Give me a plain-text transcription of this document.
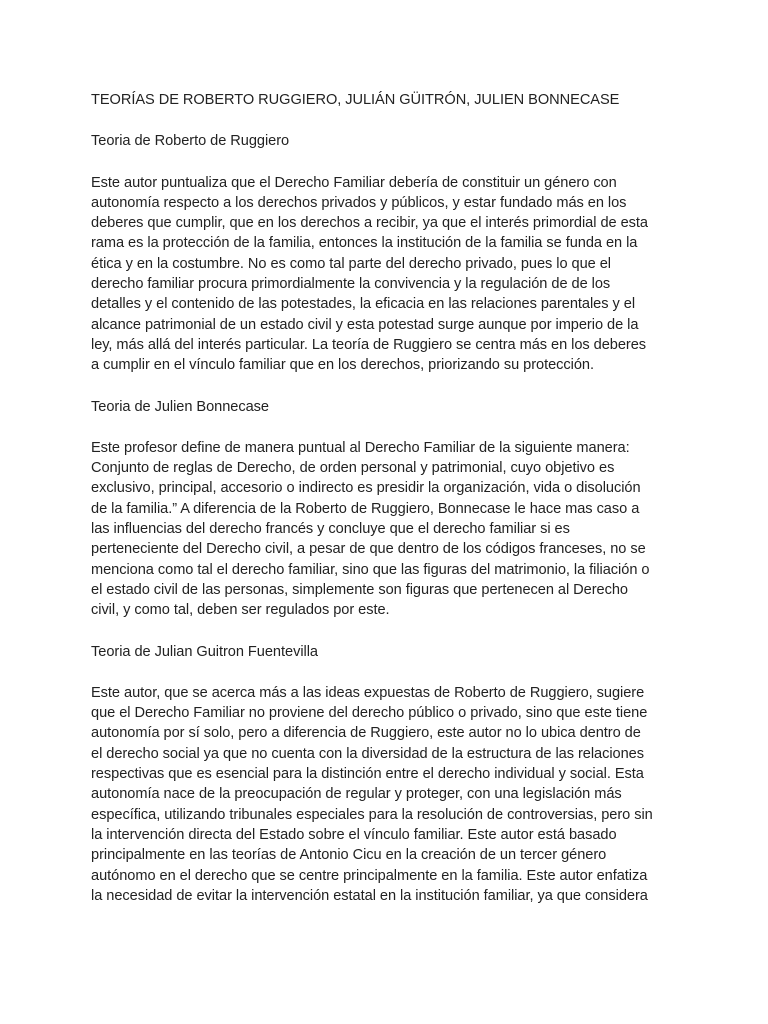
TEORÍAS DE ROBERTO RUGGIERO, JULIÁN GÜITRÓN, JULIEN BONNECASE
Teoria de Roberto de Ruggiero

Este autor puntualiza que el Derecho Familiar debería de constituir un género con
autonomía respecto a los derechos privados y públicos, y estar fundado más en los
deberes que cumplir, que en los derechos a recibir, ya que el interés primordial de esta
rama es la protección de la familia, entonces la institución de la familia se funda en la
ética y en la costumbre. No es como tal parte del derecho privado, pues lo que el
derecho familiar procura primordialmente la convivencia y la regulación de de los
detalles y el contenido de las potestades, la eficacia en las relaciones parentales y el
alcance patrimonial de un estado civil y esta potestad surge aunque por imperio de la
ley, más allá del interés particular. La teoría de Ruggiero se centra más en los deberes
a cumplir en el vínculo familiar que en los derechos, priorizando su protección.

Teoria de Julien Bonnecase

Este profesor define de manera puntual al Derecho Familiar de la siguiente manera:
Conjunto de reglas de Derecho, de orden personal y patrimonial, cuyo objetivo es
exclusivo, principal, accesorio o indirecto es presidir la organización, vida o disolución
de la familia.” A diferencia de la Roberto de Ruggiero, Bonnecase le hace mas caso a
las influencias del derecho francés y concluye que el derecho familiar si es
perteneciente del Derecho civil, a pesar de que dentro de los códigos franceses, no se
menciona como tal el derecho familiar, sino que las figuras del matrimonio, la filiación o
el estado civil de las personas, simplemente son figuras que pertenecen al Derecho
civil, y como tal, deben ser regulados por este.

Teoria de Julian Guitron Fuentevilla

Este autor, que se acerca más a las ideas expuestas de Roberto de Ruggiero, sugiere
que el Derecho Familiar no proviene del derecho público o privado, sino que este tiene
autonomía por sí solo, pero a diferencia de Ruggiero, este autor no lo ubica dentro de
el derecho social ya que no cuenta con la diversidad de la estructura de las relaciones
respectivas que es esencial para la distinción entre el derecho individual y social. Esta
autonomía nace de la preocupación de regular y proteger, con una legislación más
específica, utilizando tribunales especiales para la resolución de controversias, pero sin
la intervención directa del Estado sobre el vínculo familiar. Este autor está basado
principalmente en las teorías de Antonio Cicu en la creación de un tercer género
autónomo en el derecho que se centre principalmente en la familia. Este autor enfatiza
la necesidad de evitar la intervención estatal en la institución familiar, ya que considera
